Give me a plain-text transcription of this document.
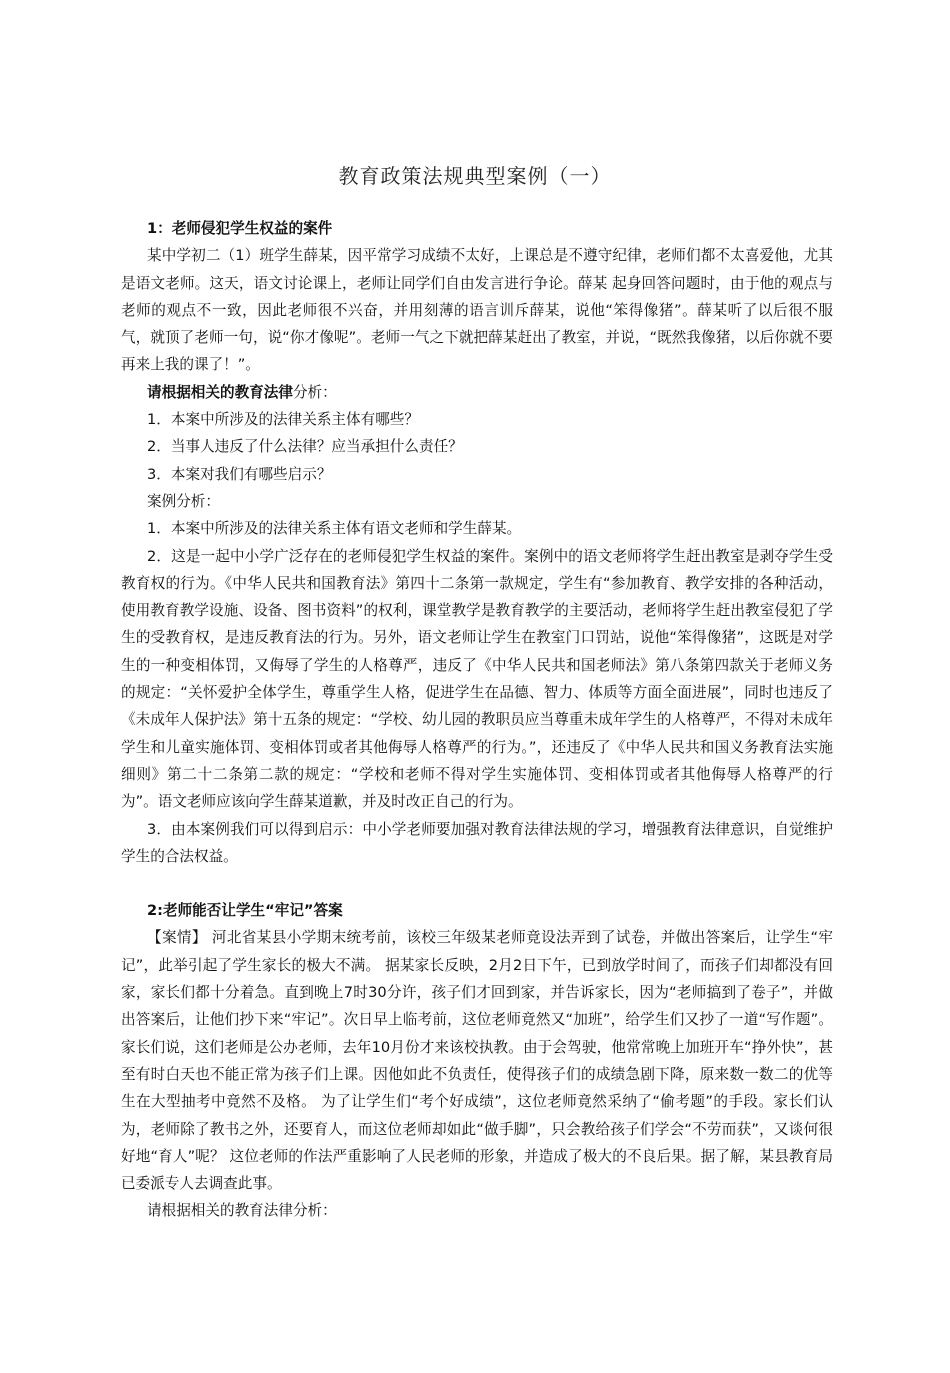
教育政策法规典型案例（一）

1：老师侵犯学生权益的案件

某中学初二（1）班学生薛某，因平常学习成绩不太好，上课总是不遵守纪律，老师们都不太喜爱他，尤其是语文老师。这天，语文讨论课上，老师让同学们自由发言进行争论。薛某 起身回答问题时，由于他的观点与老师的观点不一致，因此老师很不兴奋，并用刻薄的语言训斥薛某，说他“笨得像猪”。薛某听了以后很不服气，就顶了老师一句，说“你才像呢”。老师一气之下就把薛某赶出了教室，并说，“既然我像猪，以后你就不要再来上我的课了！”。

请根据相关的教育法律分析：

1．本案中所涉及的法律关系主体有哪些？

2．当事人违反了什么法律？应当承担什么责任？

3．本案对我们有哪些启示？

案例分析：

1．本案中所涉及的法律关系主体有语文老师和学生薛某。

2．这是一起中小学广泛存在的老师侵犯学生权益的案件。案例中的语文老师将学生赶出教室是剥夺学生受教育权的行为。《中华人民共和国教育法》第四十二条第一款规定，学生有“参加教育、教学安排的各种活动，使用教育教学设施、设备、图书资料”的权利，课堂教学是教育教学的主要活动，老师将学生赶出教室侵犯了学生的受教育权，是违反教育法的行为。另外，语文老师让学生在教室门口罚站，说他“笨得像猪”，这既是对学生的一种变相体罚，又侮辱了学生的人格尊严，违反了《中华人民共和国老师法》第八条第四款关于老师义务的规定：“关怀爱护全体学生，尊重学生人格，促进学生在品德、智力、体质等方面全面进展”，同时也违反了《未成年人保护法》第十五条的规定：“学校、幼儿园的教职员应当尊重未成年学生的人格尊严，不得对未成年学生和儿童实施体罚、变相体罚或者其他侮辱人格尊严的行为。”，还违反了《中华人民共和国义务教育法实施细则》第二十二条第二款的规定：“学校和老师不得对学生实施体罚、变相体罚或者其他侮辱人格尊严的行为”。语文老师应该向学生薛某道歉，并及时改正自己的行为。

3．由本案例我们可以得到启示：中小学老师要加强对教育法律法规的学习，增强教育法律意识，自觉维护学生的合法权益。

2:老师能否让学生“牢记”答案

【案情】 河北省某县小学期末统考前，该校三年级某老师竟设法弄到了试卷，并做出答案后，让学生“牢记”，此举引起了学生家长的极大不满。 据某家长反映，2月2日下午，已到放学时间了，而孩子们却都没有回家，家长们都十分着急。直到晚上7时30分许，孩子们才回到家，并告诉家长，因为“老师搞到了卷子”，并做出答案后，让他们抄下来“牢记”。次日早上临考前，这位老师竟然又“加班”，给学生们又抄了一道“写作题”。 家长们说，这们老师是公办老师，去年10月份才来该校执教。由于会驾驶，他常常晚上加班开车“挣外快”，甚至有时白天也不能正常为孩子们上课。因他如此不负责任，使得孩子们的成绩急剧下降，原来数一数二的优等生在大型抽考中竟然不及格。 为了让学生们“考个好成绩”，这位老师竟然采纳了“偷考题”的手段。家长们认为，老师除了教书之外，还要育人，而这位老师却如此“做手脚”，只会教给孩子们学会“不劳而获”，又谈何很好地“育人”呢？ 这位老师的作法严重影响了人民老师的形象，并造成了极大的不良后果。据了解，某县教育局已委派专人去调查此事。

请根据相关的教育法律分析：
